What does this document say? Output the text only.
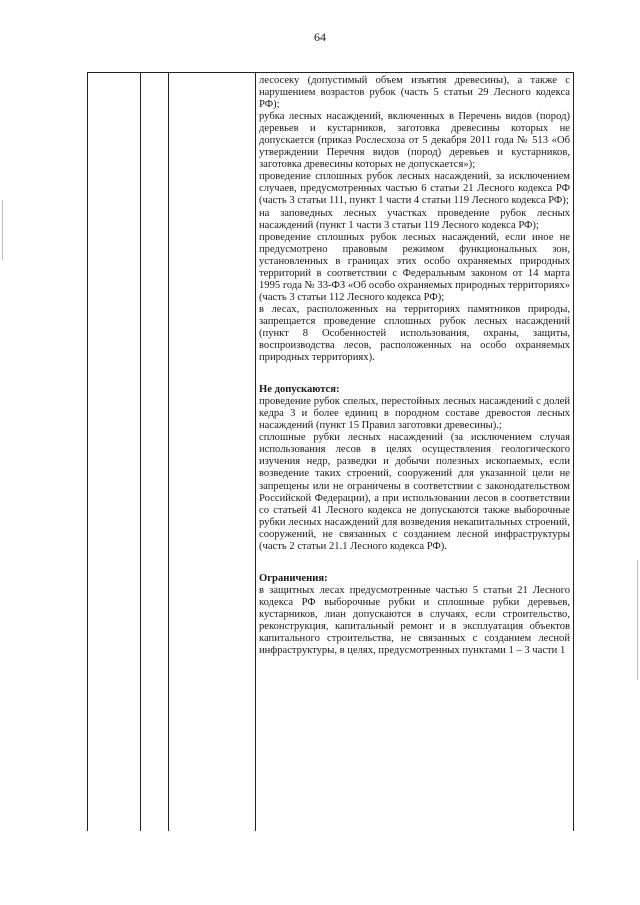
64

лесосеку (допустимый объем изъятия древесины), а также с нарушением возрастов рубок (часть 5 статьи 29 Лесного кодекса РФ);

рубка лесных насаждений, включенных в Перечень видов (пород) деревьев и кустарников, заготовка древесины которых не допускается (приказ Рослесхоза от 5 декабря 2011 года № 513 «Об утверждении Перечня видов (пород) деревьев и кустарников, заготовка древесины которых не допускается»);

проведение сплошных рубок лесных насаждений, за исключением случаев, предусмотренных частью 6 статьи 21 Лесного кодекса РФ (часть 3 статьи 111, пункт 1 части 4 статьи 119 Лесного кодекса РФ);

на заповедных лесных участках проведение рубок лесных насаждений (пункт 1 части 3 статьи 119 Лесного кодекса РФ);

проведение сплошных рубок лесных насаждений, если иное не предусмотрено правовым режимом функциональных зон, установленных в границах этих особо охраняемых природных территорий в соответствии с Федеральным законом от 14 марта 1995 года № 33-ФЗ «Об особо охраняемых природных территориях» (часть 3 статьи 112 Лесного кодекса РФ);

в лесах, расположенных на территориях памятников природы, запрещается проведение сплошных рубок лесных насаждений (пункт 8 Особенностей использования, охраны, защиты, воспроизводства лесов, расположенных на особо охраняемых природных территориях).

Не допускаются:

проведение рубок спелых, перестойных лесных насаждений с долей кедра 3 и более единиц в породном составе древостоя лесных насаждений (пункт 15 Правил заготовки древесины).;

сплошные рубки лесных насаждений (за исключением случая использования лесов в целях осуществления геологического изучения недр, разведки и добычи полезных ископаемых, если возведение таких строений, сооружений для указанной цели не запрещены или не ограничены в соответствии с законодательством Российской Федерации), а при использовании лесов в соответствии со статьей 41 Лесного кодекса не допускаются также выборочные рубки лесных насаждений для возведения некапитальных строений, сооружений, не связанных с созданием лесной инфраструктуры (часть 2 статьи 21.1 Лесного кодекса РФ).

Ограничения:

в защитных лесах предусмотренные частью 5 статьи 21 Лесного кодекса РФ выборочные рубки и сплошные рубки деревьев, кустарников, лиан допускаются в случаях, если строительство, реконструкция, капитальный ремонт и в эксплуатация объектов капитального строительства, не связанных с созданием лесной инфраструктуры, в целях, предусмотренных пунктами 1 – 3 части 1
